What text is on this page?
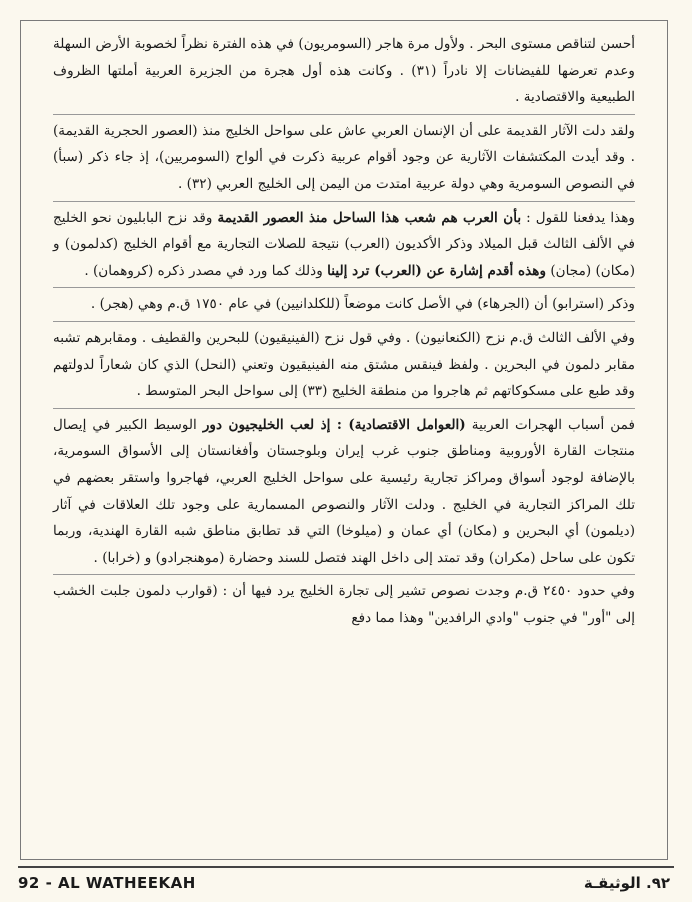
أحسن لتناقص مستوى البحر . ولأول مرة هاجر (السومريون) في هذه الفترة نظراً لخصوبة الأرض السهلة وعدم تعرضها للفيضانات إلا نادراً (٣١) . وكانت هذه أول هجرة من الجزيرة العربية أملتها الظروف الطبيعية والاقتصادية .

ولقد دلت الآثار القديمة على أن الإنسان العربي عاش على سواحل الخليج منذ (العصور الحجرية القديمة) . وقد أيدت المكتشفات الآثارية عن وجود أقوام عربية ذكرت في ألواح (السومريين)، إذ جاء ذكر (سبأ) في النصوص السومرية وهي دولة عربية امتدت من اليمن إلى الخليج العربي (٣٢) .

وهذا يدفعنا للقول : بأن العرب هم شعب هذا الساحل منذ العصور القديمة وقد نزح البابليون نحو الخليج في الألف الثالث قبل الميلاد وذكر الأكديون (العرب) نتيجة للصلات التجارية مع أقوام الخليج (كدلمون) و (مكان) (مجان) وهذه أقدم إشارة عن (العرب) ترد إلينا وذلك كما ورد في مصدر ذكره (كروهمان) .

وذكر (استرابو) أن (الجرهاء) في الأصل كانت موضعاً (للكلدانيين) في عام ١٧٥٠ ق.م وهي (هجر) .

وفي الألف الثالث ق.م نزح (الكنعانيون) . وفي قول نزح (الفينيقيون) للبحرين والقطيف . ومقابرهم تشبه مقابر دلمون في البحرين . ولفظ فينقس مشتق منه الفينيقيون وتعني (النحل) الذي كان شعاراً لدولتهم وقد طبع على مسكوكاتهم ثم هاجروا من منطقة الخليج (٣٣) إلى سواحل البحر المتوسط .

فمن أسباب الهجرات العربية (العوامل الاقتصادية) : إذ لعب الخليجيون دور الوسيط الكبير في إيصال منتجات القارة الأوروبية ومناطق جنوب غرب إيران وبلوجستان وأفغانستان إلى الأسواق السومرية، بالإضافة لوجود أسواق ومراكز تجارية رئيسية على سواحل الخليج العربي، فهاجروا واستقر بعضهم في تلك المراكز التجارية في الخليج . ودلت الآثار والنصوص المسمارية على وجود تلك العلاقات في آثار (ديلمون) أي البحرين و (مكان) أي عمان و (ميلوخا) التي قد تطابق مناطق شبه القارة الهندية، وربما تكون على ساحل (مكران) وقد تمتد إلى داخل الهند فتصل للسند وحضارة (موهنجرادو) و (خرابا) .

وفي حدود ٢٤٥٠ ق.م وجدت نصوص تشير إلى تجارة الخليج يرد فيها أن : (قوارب دلمون جلبت الخشب إلى "أور" في جنوب "وادي الرافدين" وهذا مما دفع

92 - AL WATHEEKAH	٩٢. الوثيقـة
